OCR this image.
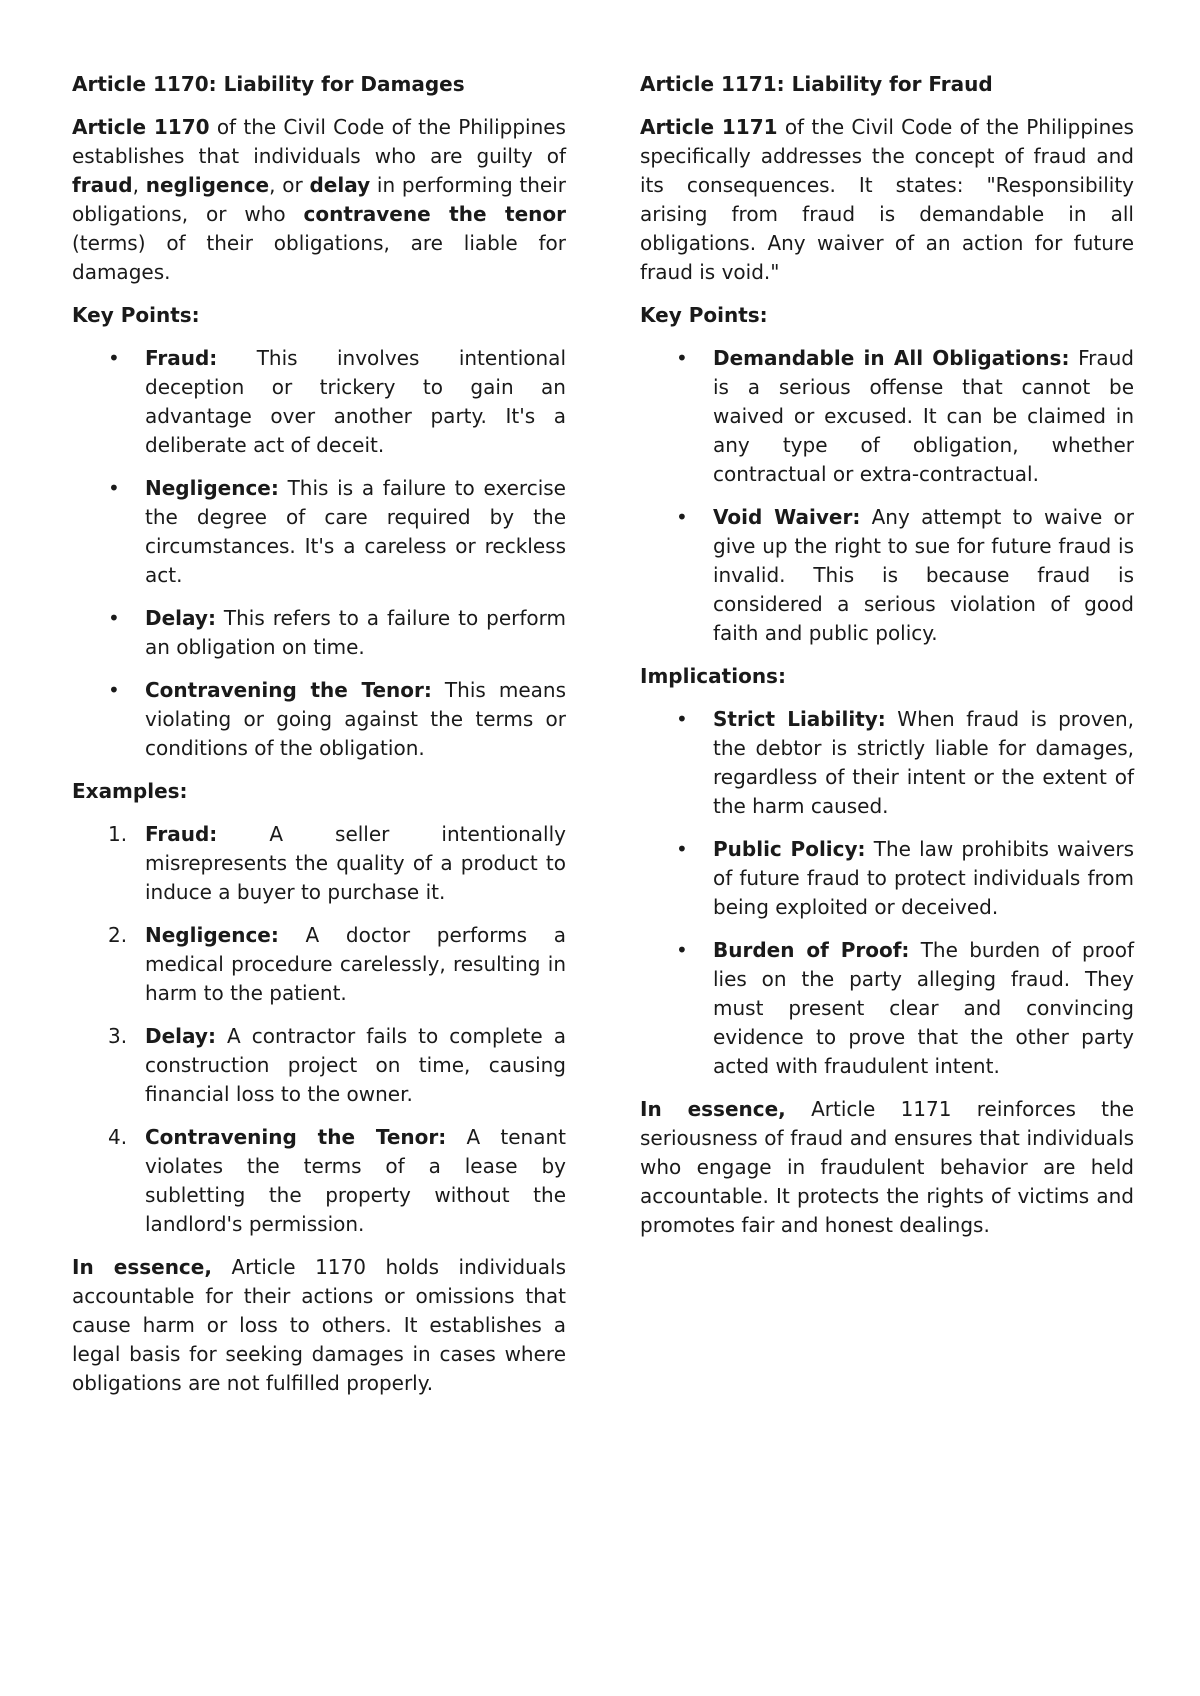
Article 1170: Liability for Damages

Article 1170 of the Civil Code of the Philippines establishes that individuals who are guilty of fraud, negligence, or delay in performing their obligations, or who contravene the tenor (terms) of their obligations, are liable for damages.

Key Points:
• Fraud: This involves intentional deception or trickery to gain an advantage over another party. It's a deliberate act of deceit.
• Negligence: This is a failure to exercise the degree of care required by the circumstances. It's a careless or reckless act.
• Delay: This refers to a failure to perform an obligation on time.
• Contravening the Tenor: This means violating or going against the terms or conditions of the obligation.
Examples:
1. Fraud: A seller intentionally misrepresents the quality of a product to induce a buyer to purchase it.
2. Negligence: A doctor performs a medical procedure carelessly, resulting in harm to the patient.
3. Delay: A contractor fails to complete a construction project on time, causing financial loss to the owner.
4. Contravening the Tenor: A tenant violates the terms of a lease by subletting the property without the landlord's permission.

In essence, Article 1170 holds individuals accountable for their actions or omissions that cause harm or loss to others. It establishes a legal basis for seeking damages in cases where obligations are not fulfilled properly.

Article 1171: Liability for Fraud

Article 1171 of the Civil Code of the Philippines specifically addresses the concept of fraud and its consequences. It states: "Responsibility arising from fraud is demandable in all obligations. Any waiver of an action for future fraud is void."

Key Points:
• Demandable in All Obligations: Fraud is a serious offense that cannot be waived or excused. It can be claimed in any type of obligation, whether contractual or extra-contractual.
• Void Waiver: Any attempt to waive or give up the right to sue for future fraud is invalid. This is because fraud is considered a serious violation of good faith and public policy.
Implications:
• Strict Liability: When fraud is proven, the debtor is strictly liable for damages, regardless of their intent or the extent of the harm caused.
• Public Policy: The law prohibits waivers of future fraud to protect individuals from being exploited or deceived.
• Burden of Proof: The burden of proof lies on the party alleging fraud. They must present clear and convincing evidence to prove that the other party acted with fraudulent intent.

In essence, Article 1171 reinforces the seriousness of fraud and ensures that individuals who engage in fraudulent behavior are held accountable. It protects the rights of victims and promotes fair and honest dealings.
